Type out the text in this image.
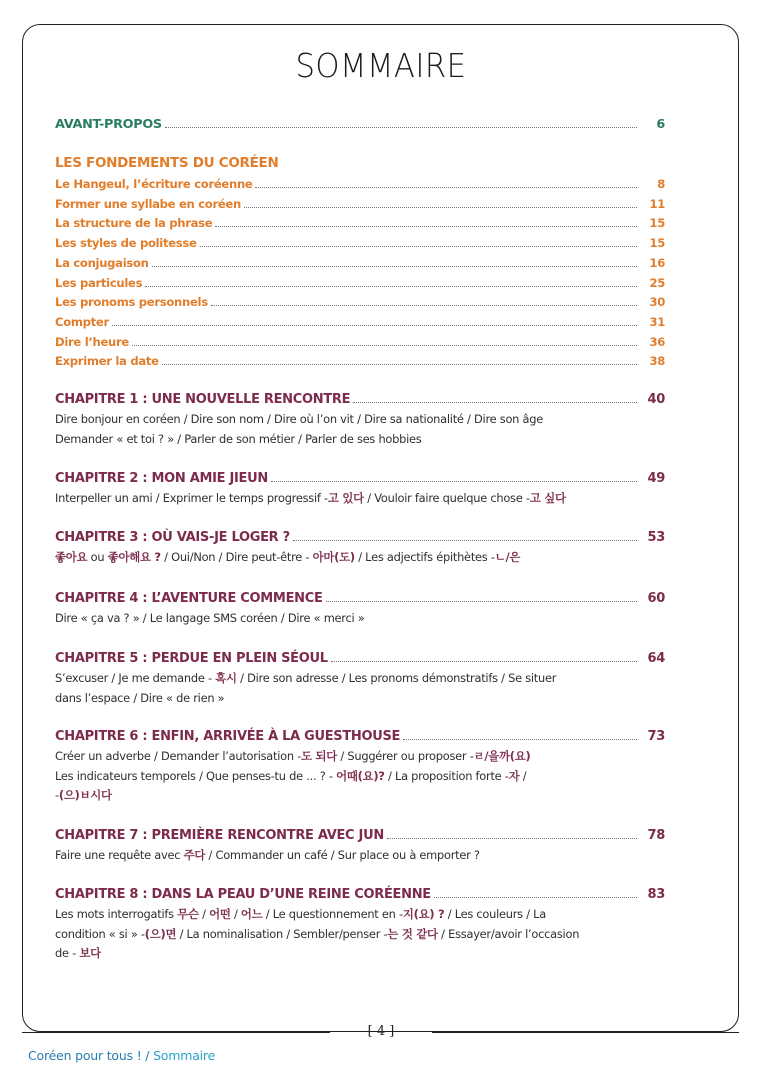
SOMMAIRE
AVANT-PROPOS	6
LES FONDEMENTS DU CORÉEN
Le Hangeul, l’écriture coréenne	8
Former une syllabe en coréen	11
La structure de la phrase	15
Les styles de politesse	15
La conjugaison	16
Les particules	25
Les pronoms personnels	30
Compter	31
Dire l’heure	36
Exprimer la date	38
CHAPITRE 1 : UNE NOUVELLE RENCONTRE	40
Dire bonjour en coréen / Dire son nom / Dire où l’on vit / Dire sa nationalité / Dire son âge
Demander « et toi ? » / Parler de son métier / Parler de ses hobbies
CHAPITRE 2 : MON AMIE JIEUN	49
Interpeller un ami / Exprimer le temps progressif -고 있다 / Vouloir faire quelque chose -고 싶다
CHAPITRE 3 : OÙ VAIS-JE LOGER ?	53
좋아요 ou 좋아해요 ? / Oui/Non / Dire peut-être - 아마(도) / Les adjectifs épithètes -ㄴ/은
CHAPITRE 4 : L’AVENTURE COMMENCE	60
Dire « ça va ? » / Le langage SMS coréen / Dire « merci »
CHAPITRE 5 : PERDUE EN PLEIN SÉOUL	64
S’excuser / Je me demande - 혹시 / Dire son adresse / Les pronoms démonstratifs / Se situer
dans l’espace / Dire « de rien »
CHAPITRE 6 : ENFIN, ARRIVÉE À LA GUESTHOUSE	73
Créer un adverbe / Demander l’autorisation -도 되다 / Suggérer ou proposer -ㄹ/을까(요)
Les indicateurs temporels / Que penses-tu de ... ? - 어때(요)? / La proposition forte -자 /
-(으)ㅂ시다
CHAPITRE 7 : PREMIÈRE RENCONTRE AVEC JUN	78
Faire une requête avec 주다 / Commander un café / Sur place ou à emporter ?
CHAPITRE 8 : DANS LA PEAU D’UNE REINE CORÉENNE	83
Les mots interrogatifs 무슨 / 어떤 / 어느 / Le questionnement en -지(요) ? / Les couleurs / La
condition « si » -(으)면 / La nominalisation / Sembler/penser -는 것 같다 / Essayer/avoir l’occasion
de - 보다
[ 4 ]
Coréen pour tous ! / Sommaire
